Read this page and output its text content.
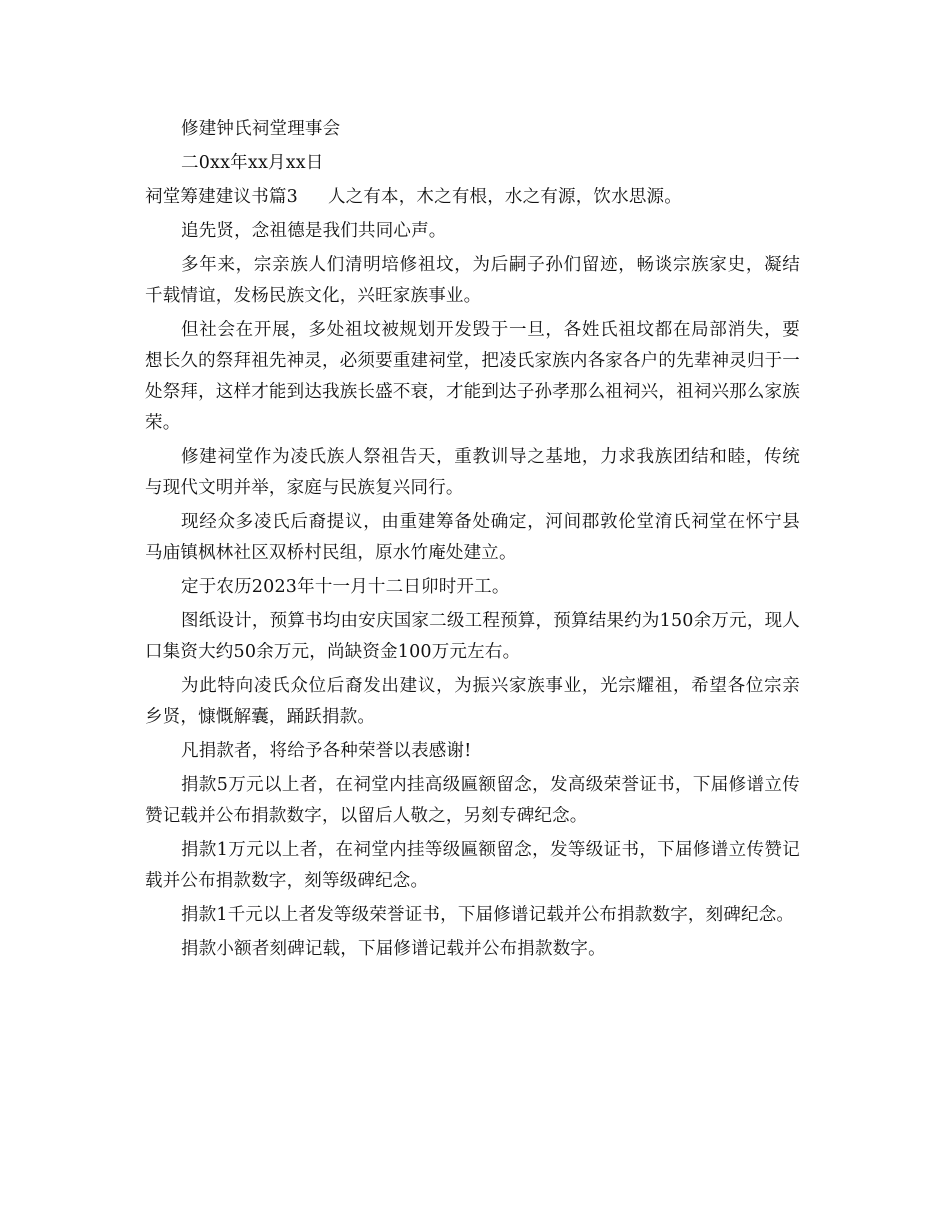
修建钟氏祠堂理事会

二0xx年xx月xx日

祠堂筹建建议书篇3 人之有本，木之有根，水之有源，饮水思源。

追先贤，念祖德是我们共同心声。

多年来，宗亲族人们清明培修祖坟，为后嗣子孙们留迹，畅谈宗族家史，凝结千载情谊，发杨民族文化，兴旺家族事业。

但社会在开展，多处祖坟被规划开发毁于一旦，各姓氏祖坟都在局部消失，要想长久的祭拜祖先神灵，必须要重建祠堂，把凌氏家族内各家各户的先辈神灵归于一处祭拜，这样才能到达我族长盛不衰，才能到达子孙孝那么祖祠兴，祖祠兴那么家族荣。

修建祠堂作为凌氏族人祭祖告天，重教训导之基地，力求我族团结和睦，传统与现代文明并举，家庭与民族复兴同行。

现经众多凌氏后裔提议，由重建筹备处确定，河间郡敦伦堂淯氏祠堂在怀宁县马庙镇枫林社区双桥村民组，原水竹庵处建立。

定于农历2023年十一月十二日卯时开工。

图纸设计，预算书均由安庆国家二级工程预算，预算结果约为150余万元，现人口集资大约50余万元，尚缺资金100万元左右。

为此特向凌氏众位后裔发出建议，为振兴家族事业，光宗耀祖，希望各位宗亲乡贤，慷慨解囊，踊跃捐款。

凡捐款者，将给予各种荣誉以表感谢!

捐款5万元以上者，在祠堂内挂高级匾额留念，发高级荣誉证书，下届修谱立传赞记载并公布捐款数字，以留后人敬之，另刻专碑纪念。

捐款1万元以上者，在祠堂内挂等级匾额留念，发等级证书，下届修谱立传赞记载并公布捐款数字，刻等级碑纪念。

捐款1千元以上者发等级荣誉证书，下届修谱记载并公布捐款数字，刻碑纪念。

捐款小额者刻碑记载，下届修谱记载并公布捐款数字。
